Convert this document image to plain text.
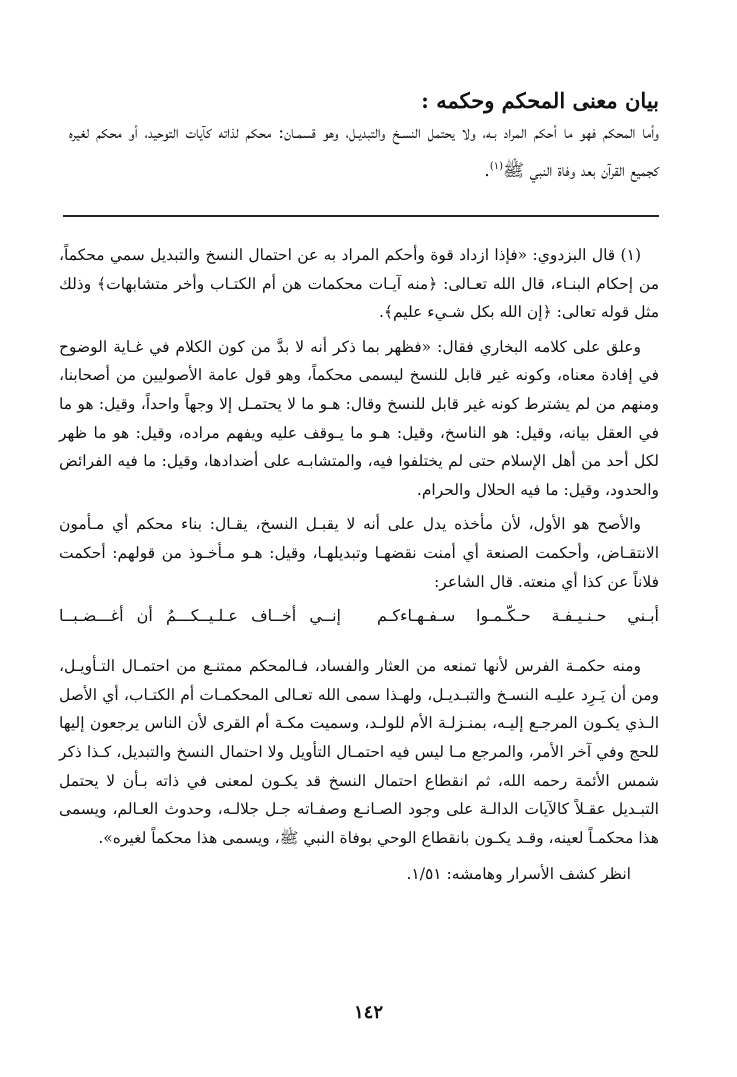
بيان معنى المحكم وحكمه :
وأما المحكم فهو ما أحكم المراد بـه، ولا يحتمل النسـخ والتبديـل، وهو قسمـان: محكم لذاته كآيات التوحيد، أو محكم لغيره كجميع القرآن بعد وفاة النبي ﷺ$^{(١)}$.

(١) قال البزدوي: «فإذا ازداد قوة وأحكم المراد به عن احتمال النسخ والتبديل سمي محكماً، من إحكام البنـاء، قال الله تعـالى: ﴿منه آيـات محكمات هن أم الكتـاب وأخر متشابهات﴾ وذلك مثل قوله تعالى: ﴿إن الله بكل شـيء عليم﴾.

وعلق على كلامه البخاري فقال: «فظهر بما ذكر أنه لا بدَّ من كون الكلام في غـاية الوضوح في إفادة معناه، وكونه غير قابل للنسخ ليسمى محكماً، وهو قول عامة الأصوليين من أصحابنا، ومنهم من لم يشترط كونه غير قابل للنسخ وقال: هـو ما لا يحتمـل إلا وجهاً واحداً، وقيل: هو ما في العقل بيانه، وقيل: هو الناسخ، وقيل: هـو ما يـوقف عليه ويفهم مراده، وقيل: هو ما ظهر لكل أحد من أهل الإسلام حتى لم يختلفوا فيه، والمتشابـه على أضدادها، وقيل: ما فيه الفرائض والحدود، وقيل: ما فيه الحلال والحرام.

والأصح هو الأول، لأن مأخذه يدل على أنه لا يقبـل النسخ، يقـال: بناء محكم أي مـأمون الانتقـاض، وأحكمت الصنعة أي أمنت نقضهـا وتبديلهـا، وقيل: هـو مـأخـوذ من قولهم: أحكمت فلاناً عن كذا أي منعته. قال الشاعر:

أبـني حـنـيـفـة حـكّـمـوا سـفـهـاءكـم
إنــي أخــاف عـلـيــكـــمُ أن أغـــضـبــا

ومنه حكمـة الفرس لأنها تمنعه من العثار والفساد، فـالمحكم ممتنـع من احتمـال التـأويـل، ومن أن يَـرِد عليـه النسـخ والتبـديـل، ولهـذا سمى الله تعـالى المحكمـات أم الكتـاب، أي الأصل الـذي يكـون المرجـع إليـه، بمنـزلـة الأم للولـد، وسميت مكـة أم القرى لأن الناس يرجعون إليها للحج وفي آخر الأمر، والمرجع مـا ليس فيه احتمـال التأويل ولا احتمال النسخ والتبديل، كـذا ذكر شمس الأئمة رحمه الله، ثم انقطاع احتمال النسخ قد يكـون لمعنى في ذاته بـأن لا يحتمل التبـديل عقـلاً كالآيات الدالـة على وجود الصـانـع وصفـاته جـل جلالـه، وحدوث العـالم، ويسمى هذا محكمـاً لعينه، وقـد يكـون بانقطاع الوحي بوفاة النبي ﷺ، ويسمى هذا محكماً لغيره».

انظر كشف الأسرار وهامشه: ١/٥١.

١٤٢
